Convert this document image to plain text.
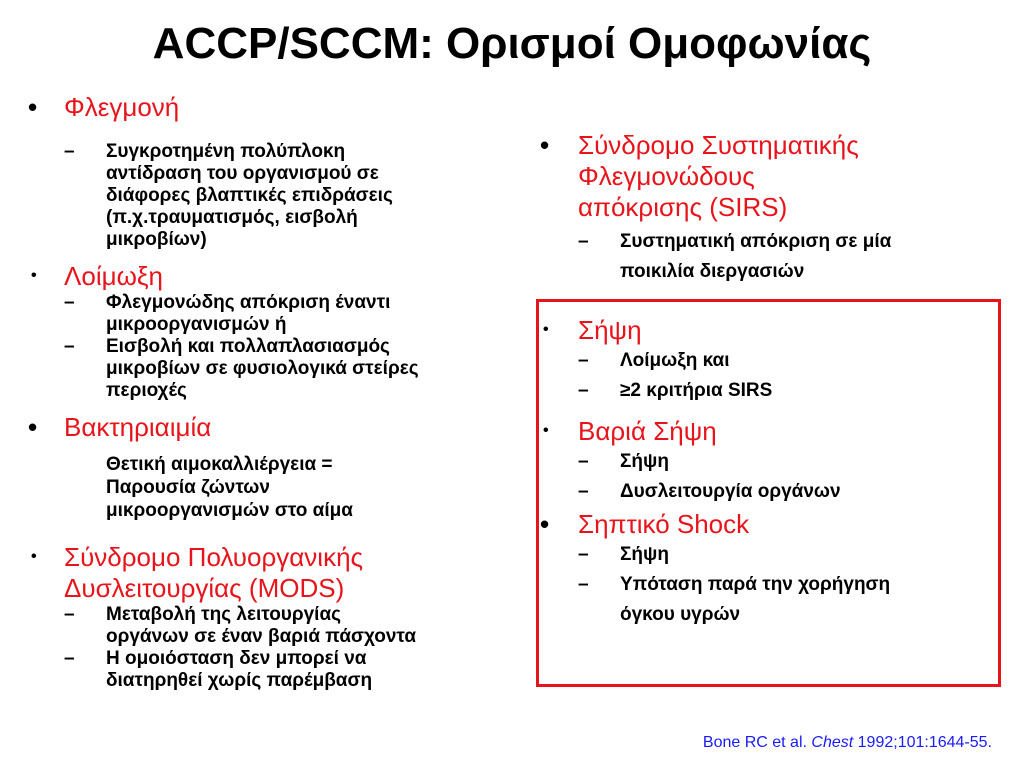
ACCP/SCCM: Ορισμοί Ομοφωνίας
•	Φλεγμονή
– Συγκροτημένη πολύπλοκη
αντίδραση του οργανισμού σε
διάφορες βλαπτικές επιδράσεις
(π.χ.τραυματισμός, εισβολή
μικροβίων)
•	Λοίμωξη
– Φλεγμονώδης απόκριση έναντι
μικροοργανισμών ή
– Εισβολή και πολλαπλασιασμός
μικροβίων σε φυσιολογικά στείρες
περιοχές
•	Βακτηριαιμία
Θετική αιμοκαλλιέργεια =
Παρουσία ζώντων
μικροοργανισμών στο αίμα
• Σύνδρομο Πολυοργανικής
Δυσλειτουργίας (MODS)
– Μεταβολή της λειτουργίας
οργάνων σε έναν βαριά πάσχοντα
– Η ομοιόσταση δεν μπορεί να
διατηρηθεί χωρίς παρέμβαση
• Σύνδρομο Συστηματικής
Φλεγμονώδους
απόκρισης (SIRS)
– Συστηματική απόκριση σε μία
ποικιλία διεργασιών
•	Σήψη
– Λοίμωξη και
– ≥2 κριτήρια SIRS
•	Βαριά Σήψη
– Σήψη
– Δυσλειτουργία οργάνων
•	Σηπτικό Shock
– Σήψη
– Υπόταση παρά την χορήγηση
όγκου υγρών
Bone RC et al. Chest 1992;101:1644-55.
